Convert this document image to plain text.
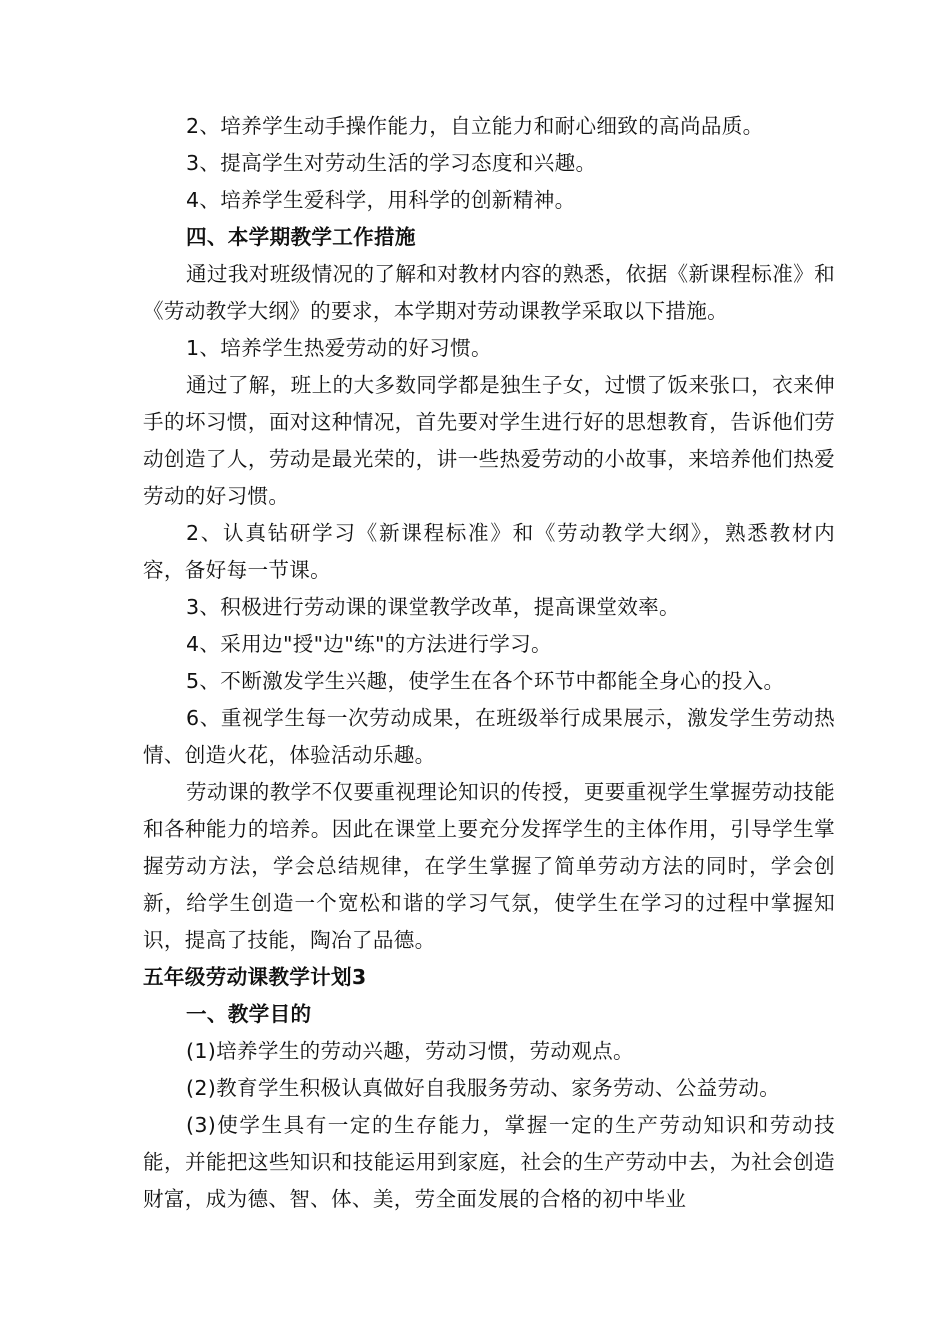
2、培养学生动手操作能力，自立能力和耐心细致的高尚品质。

3、提高学生对劳动生活的学习态度和兴趣。

4、培养学生爱科学，用科学的创新精神。

四、本学期教学工作措施

通过我对班级情况的了解和对教材内容的熟悉，依据《新课程标准》和《劳动教学大纲》的要求，本学期对劳动课教学采取以下措施。

1、培养学生热爱劳动的好习惯。

通过了解，班上的大多数同学都是独生子女，过惯了饭来张口，衣来伸手的坏习惯，面对这种情况，首先要对学生进行好的思想教育，告诉他们劳动创造了人，劳动是最光荣的，讲一些热爱劳动的小故事，来培养他们热爱劳动的好习惯。

2、认真钻研学习《新课程标准》和《劳动教学大纲》，熟悉教材内容，备好每一节课。

3、积极进行劳动课的课堂教学改革，提高课堂效率。

4、采用边"授"边"练"的方法进行学习。

5、不断激发学生兴趣，使学生在各个环节中都能全身心的投入。

6、重视学生每一次劳动成果，在班级举行成果展示，激发学生劳动热情、创造火花，体验活动乐趣。

劳动课的教学不仅要重视理论知识的传授，更要重视学生掌握劳动技能和各种能力的培养。因此在课堂上要充分发挥学生的主体作用，引导学生掌握劳动方法，学会总结规律，在学生掌握了简单劳动方法的同时，学会创新，给学生创造一个宽松和谐的学习气氛，使学生在学习的过程中掌握知识，提高了技能，陶冶了品德。

五年级劳动课教学计划3

一、教学目的

(1)培养学生的劳动兴趣，劳动习惯，劳动观点。

(2)教育学生积极认真做好自我服务劳动、家务劳动、公益劳动。

(3)使学生具有一定的生存能力，掌握一定的生产劳动知识和劳动技能，并能把这些知识和技能运用到家庭，社会的生产劳动中去，为社会创造财富，成为德、智、体、美，劳全面发展的合格的初中毕业
